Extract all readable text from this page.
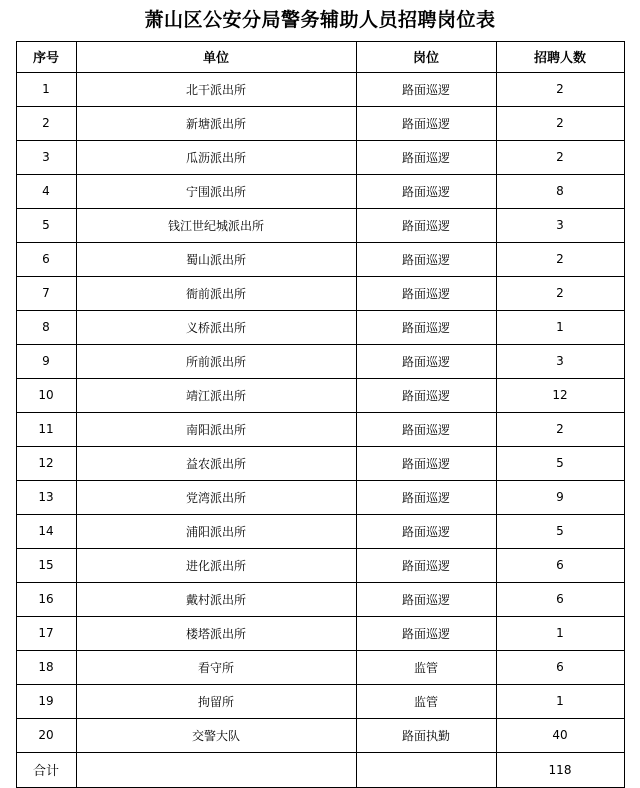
萧山区公安分局警务辅助人员招聘岗位表
序号	单位	岗位	招聘人数
1	北干派出所	路面巡逻	2
2	新塘派出所	路面巡逻	2
3	瓜沥派出所	路面巡逻	2
4	宁围派出所	路面巡逻	8
5	钱江世纪城派出所	路面巡逻	3
6	蜀山派出所	路面巡逻	2
7	衙前派出所	路面巡逻	2
8	义桥派出所	路面巡逻	1
9	所前派出所	路面巡逻	3
10	靖江派出所	路面巡逻	12
11	南阳派出所	路面巡逻	2
12	益农派出所	路面巡逻	5
13	党湾派出所	路面巡逻	9
14	浦阳派出所	路面巡逻	5
15	进化派出所	路面巡逻	6
16	戴村派出所	路面巡逻	6
17	楼塔派出所	路面巡逻	1
18	看守所	监管	6
19	拘留所	监管	1
20	交警大队	路面执勤	40
合计			118
